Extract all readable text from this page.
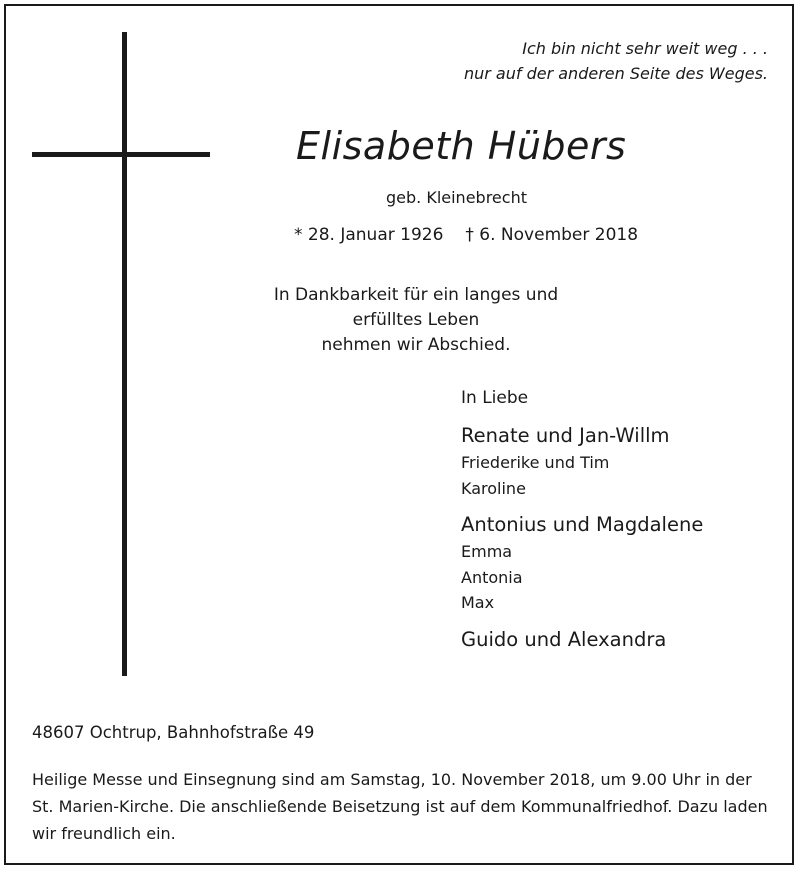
Ich bin nicht sehr weit weg . . .
nur auf der anderen Seite des Weges.
Elisabeth Hübers
geb. Kleinebrecht
* 28. Januar 1926 † 6. November 2018
In Dankbarkeit für ein langes und erfülltes Leben
nehmen wir Abschied.
In Liebe
Renate und Jan-Willm
Friederike und Tim
Karoline
Antonius und Magdalene
Emma
Antonia
Max
Guido und Alexandra
48607 Ochtrup, Bahnhofstraße 49
Heilige Messe und Einsegnung sind am Samstag, 10. November 2018, um 9.00 Uhr in der St. Marien-Kirche. Die anschließende Beisetzung ist auf dem Kommunalfriedhof. Dazu laden wir freundlich ein.
